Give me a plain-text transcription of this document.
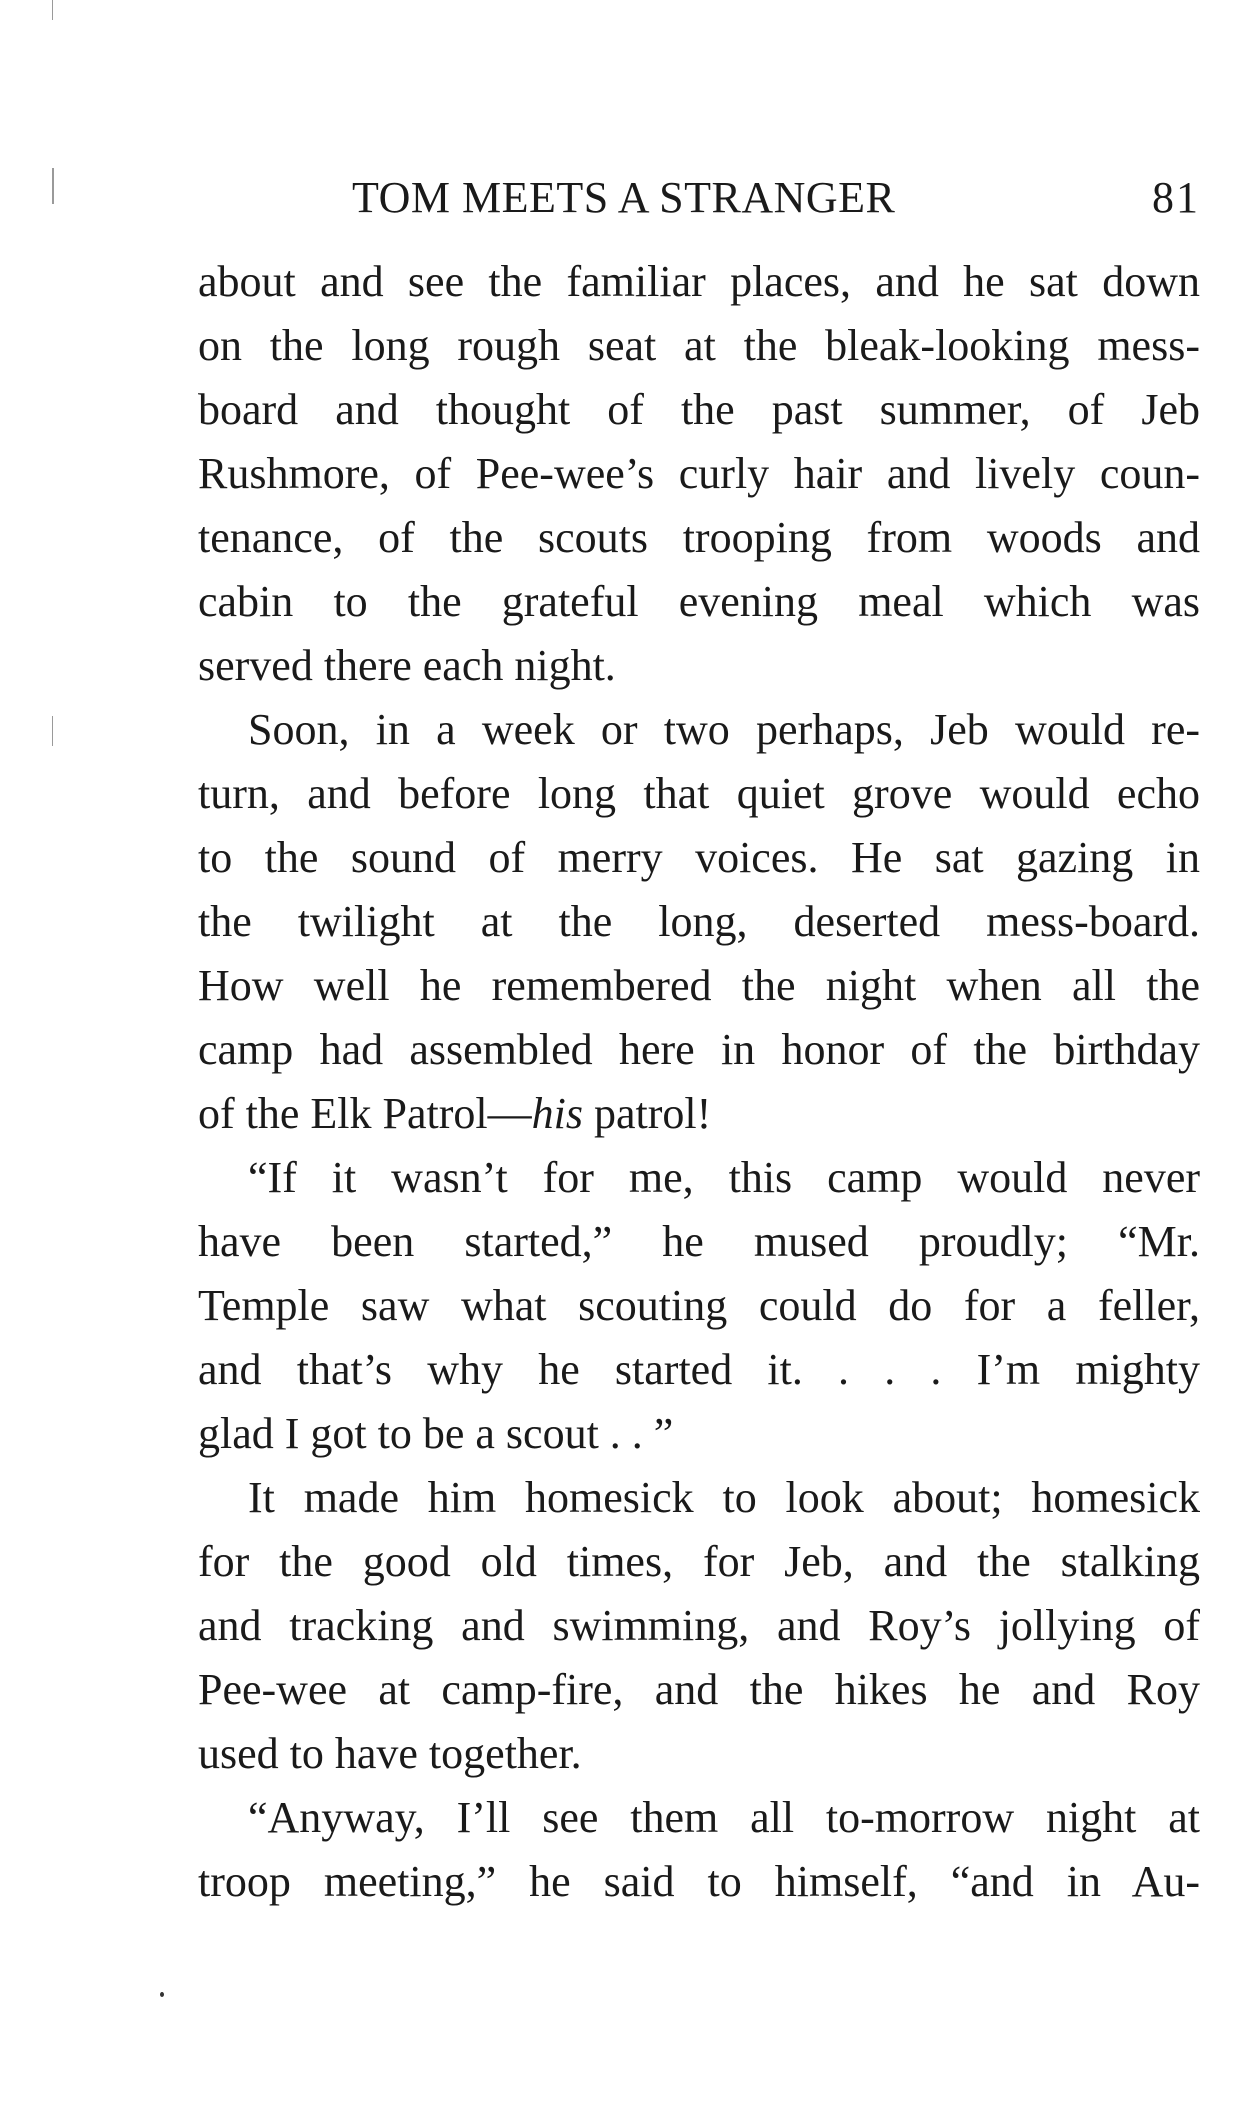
TOM MEETS A STRANGER	81
about and see the familiar places, and he sat down
on the long rough seat at the bleak-looking mess-
board and thought of the past summer, of Jeb
Rushmore, of Pee-wee’s curly hair and lively coun-
tenance, of the scouts trooping from woods and
cabin to the grateful evening meal which was
served there each night.
Soon, in a week or two perhaps, Jeb would re-
turn, and before long that quiet grove would echo
to the sound of merry voices. He sat gazing in
the twilight at the long, deserted mess-board.
How well he remembered the night when all the
camp had assembled here in honor of the birthday
of the Elk Patrol—his patrol!
“If it wasn’t for me, this camp would never
have been started,” he mused proudly; “Mr.
Temple saw what scouting could do for a feller,
and that’s why he started it. . . . I’m mighty
glad I got to be a scout . . ”
It made him homesick to look about; homesick
for the good old times, for Jeb, and the stalking
and tracking and swimming, and Roy’s jollying of
Pee-wee at camp-fire, and the hikes he and Roy
used to have together.
“Anyway, I’ll see them all to-morrow night at
troop meeting,” he said to himself, “and in Au-
